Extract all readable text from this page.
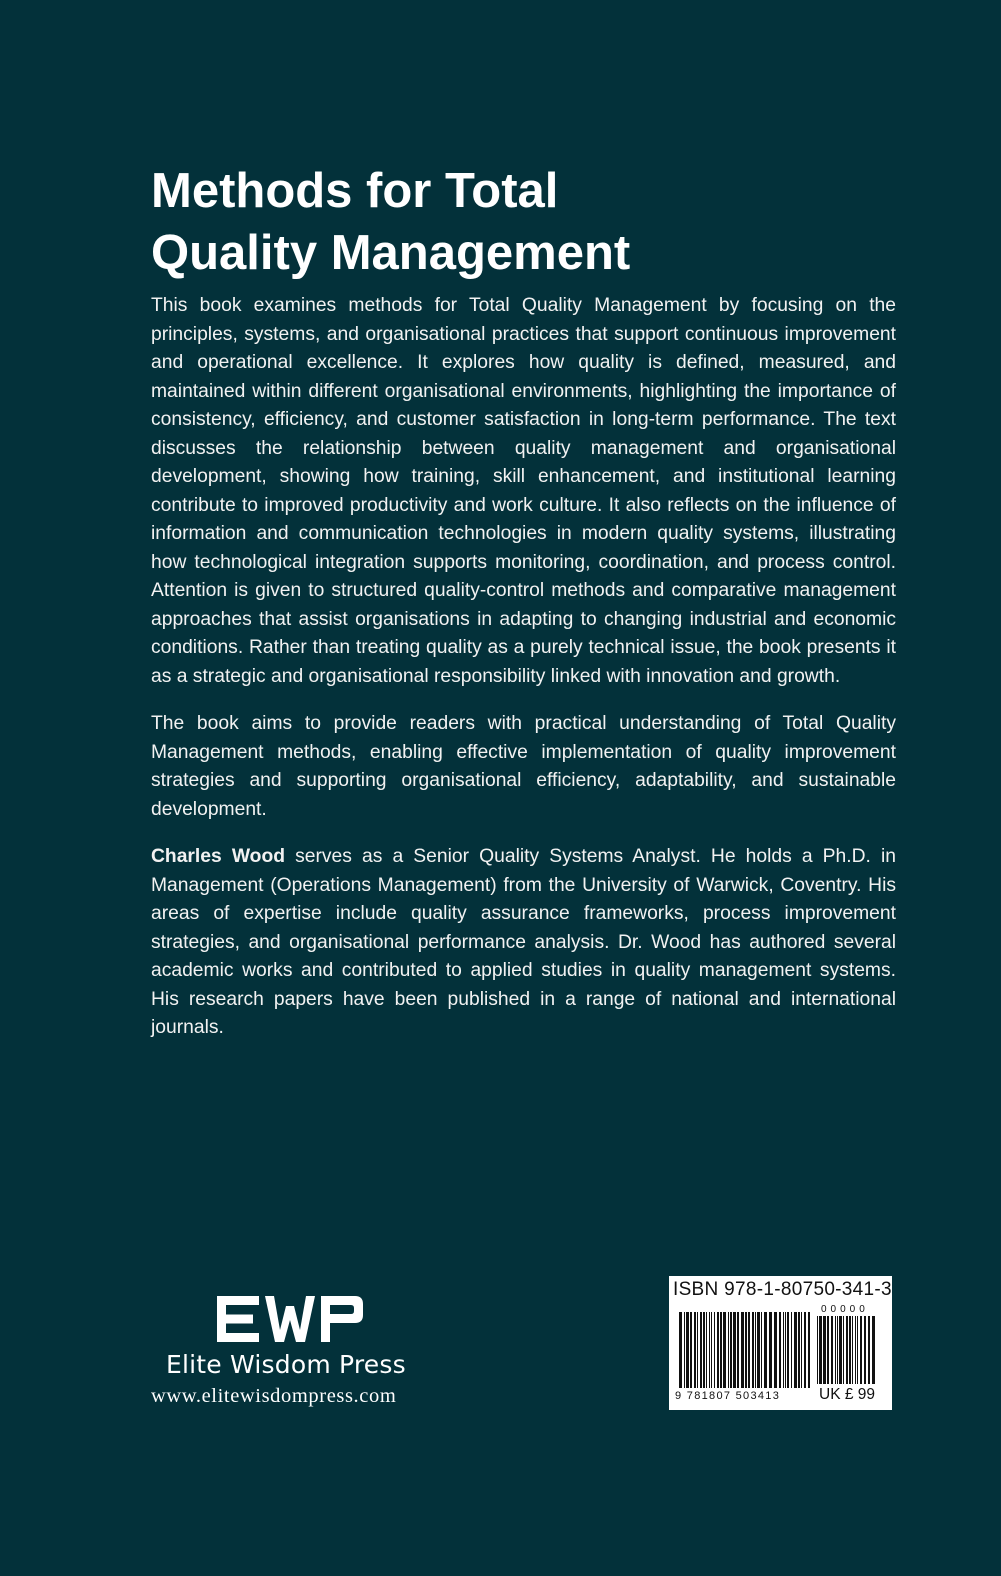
Methods for Total
Quality Management

This book examines methods for Total Quality Management by focusing on the principles, systems, and organisational practices that support continuous improvement and operational excellence. It explores how quality is defined, measured, and maintained within different organisational environments, highlighting the importance of consistency, efficiency, and customer satisfaction in long-term performance. The text discusses the relationship between quality management and organisational development, showing how training, skill enhancement, and institutional learning contribute to improved productivity and work culture. It also reflects on the influence of information and communication technologies in modern quality systems, illustrating how technological integration supports monitoring, coordination, and process control. Attention is given to structured quality-control methods and comparative management approaches that assist organisations in adapting to changing industrial and economic conditions. Rather than treating quality as a purely technical issue, the book presents it as a strategic and organisational responsibility linked with innovation and growth.

The book aims to provide readers with practical understanding of Total Quality Management methods, enabling effective implementation of quality improvement strategies and supporting organisational efficiency, adaptability, and sustainable development.

Charles Wood serves as a Senior Quality Systems Analyst. He holds a Ph.D. in Management (Operations Management) from the University of Warwick, Coventry. His areas of expertise include quality assurance frameworks, process improvement strategies, and organisational performance analysis. Dr. Wood has authored several academic works and contributed to applied studies in quality management systems. His research papers have been published in a range of national and international journals.

Elite Wisdom Press
www.elitewisdompress.com
ISBN 978-1-80750-341-3
00000
9 781807 503413	UK £ 99
